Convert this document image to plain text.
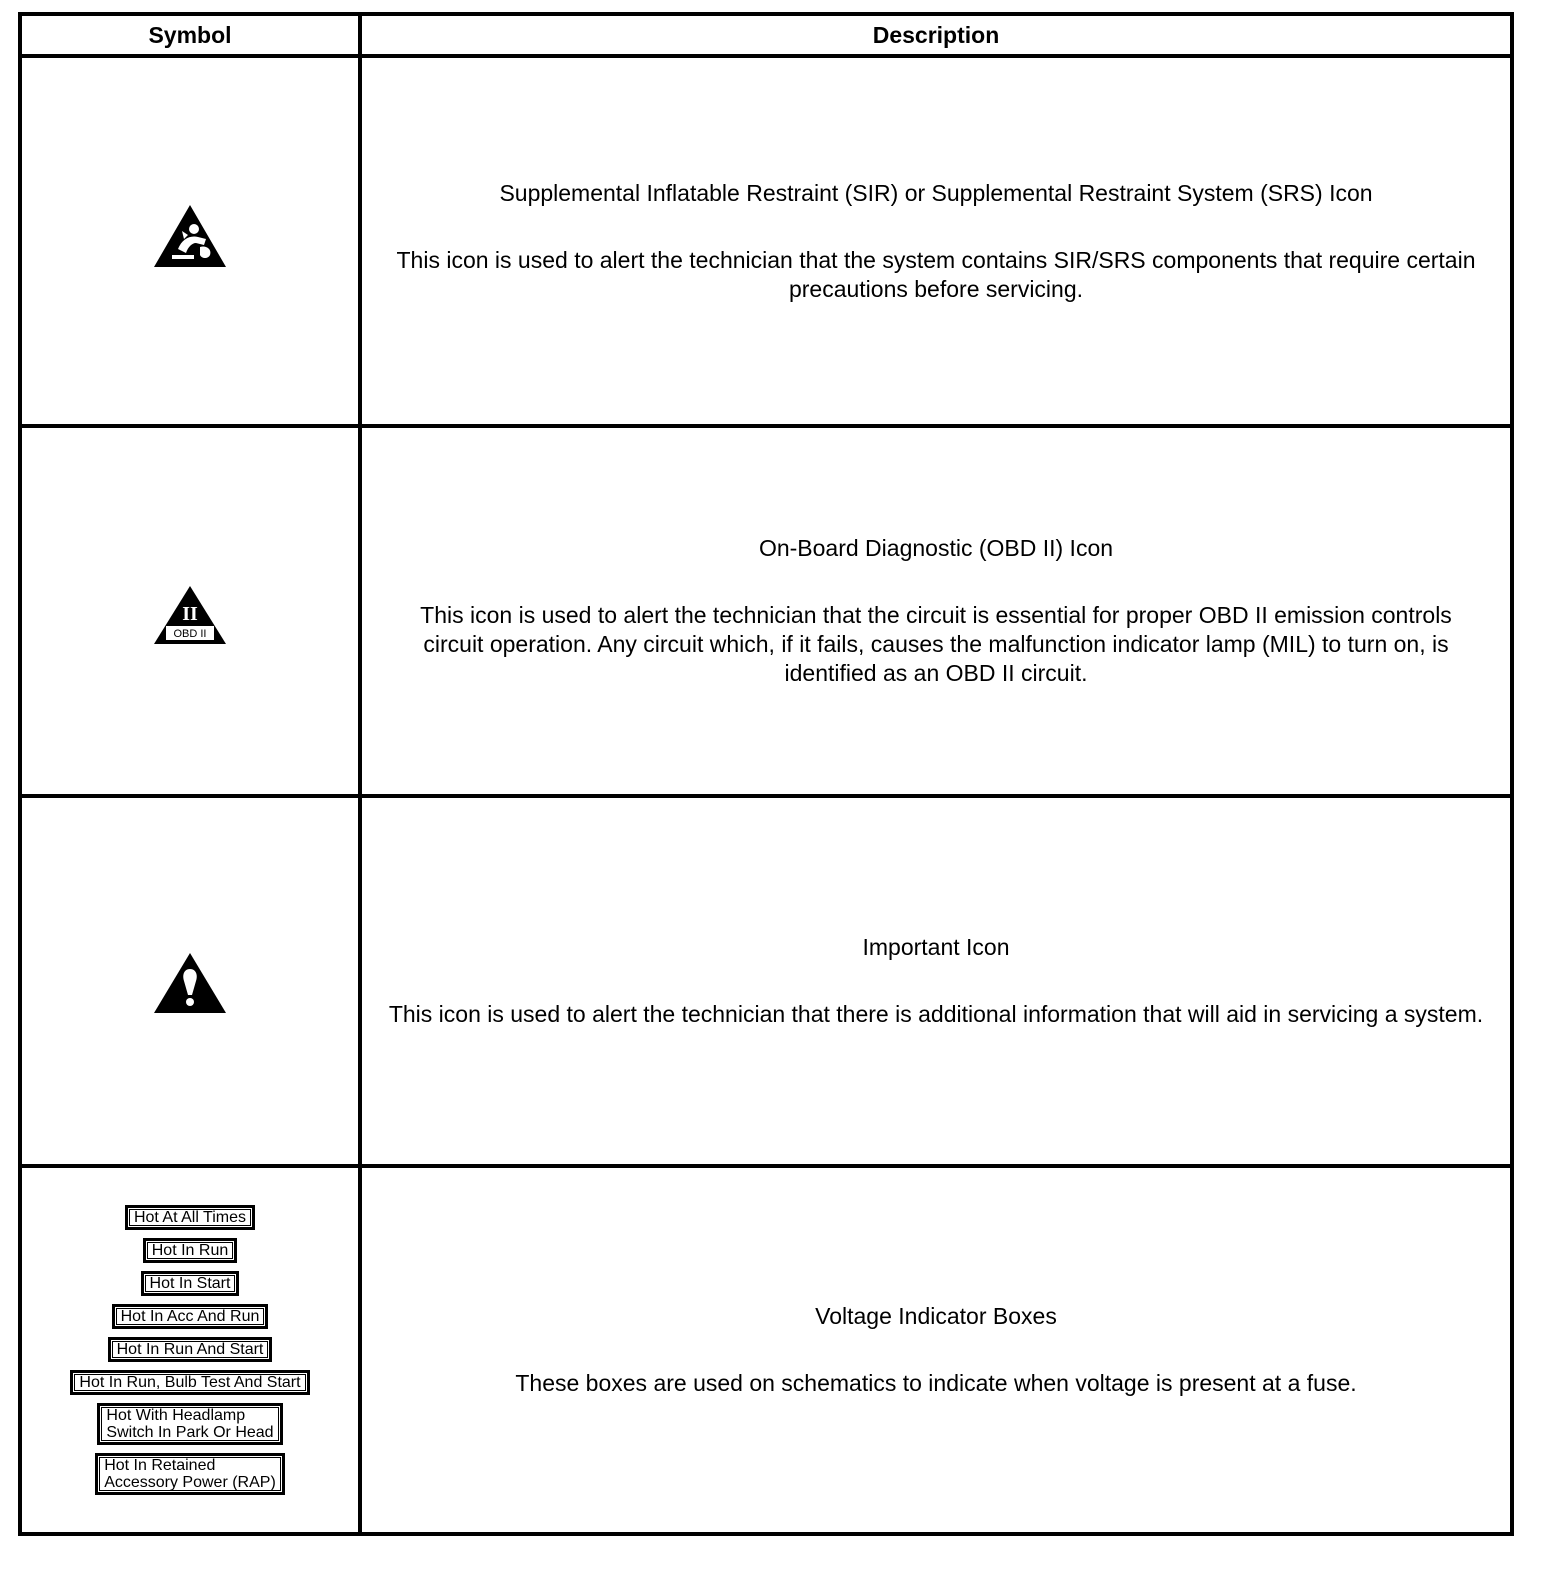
Symbol	Description
Supplemental Inflatable Restraint (SIR) or Supplemental Restraint System (SRS) Icon
This icon is used to alert the technician that the system contains SIR/SRS components that require certain precautions before servicing.
II
OBD II
On-Board Diagnostic (OBD II) Icon
This icon is used to alert the technician that the circuit is essential for proper OBD II emission controls circuit operation. Any circuit which, if it fails, causes the malfunction indicator lamp (MIL) to turn on, is identified as an OBD II circuit.
Important Icon
This icon is used to alert the technician that there is additional information that will aid in servicing a system.
Hot At All Times
Hot In Run
Hot In Start
Hot In Acc And Run
Hot In Run And Start
Hot In Run, Bulb Test And Start
Hot With Headlamp
Switch In Park Or Head
Hot In Retained
Accessory Power (RAP)
Voltage Indicator Boxes
These boxes are used on schematics to indicate when voltage is present at a fuse.
